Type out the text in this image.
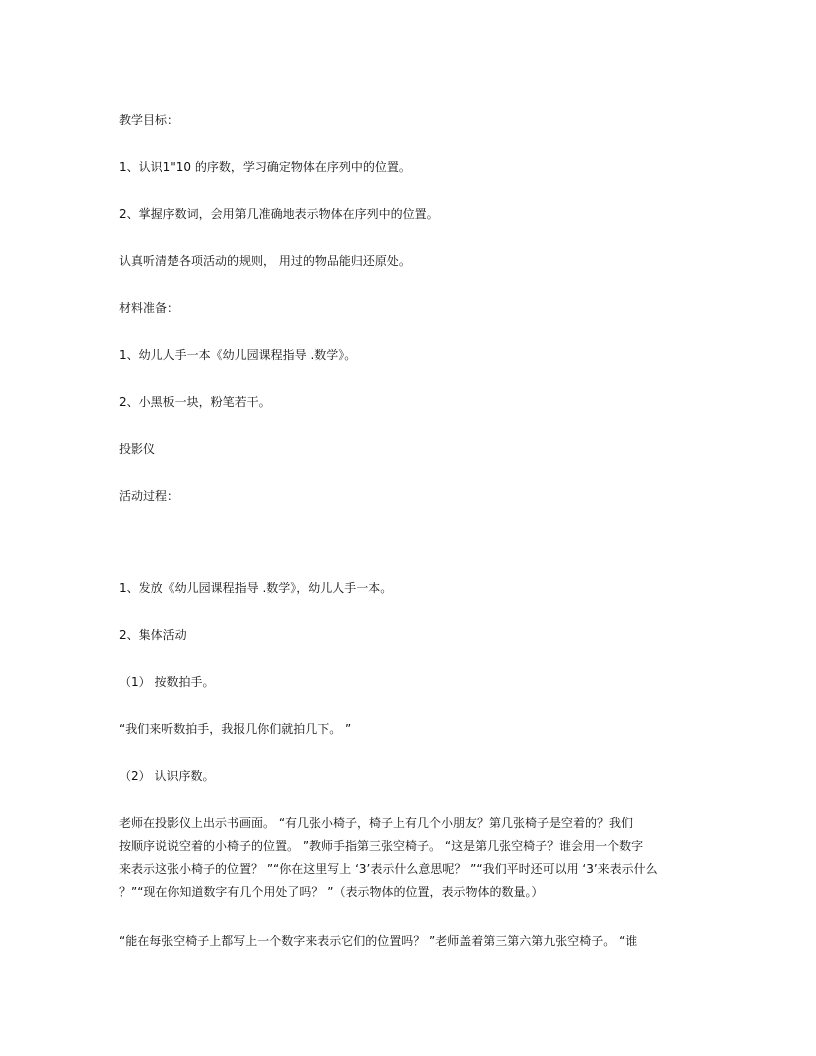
教学目标：
1、认识1"10 的序数，学习确定物体在序列中的位置。
2、掌握序数词，会用第几准确地表示物体在序列中的位置。
认真听清楚各项活动的规则， 用过的物品能归还原处。
材料准备：
1、幼儿人手一本《幼儿园课程指导 .数学》。
2、小黑板一块，粉笔若干。
投影仪
活动过程：
1、发放《幼儿园课程指导 .数学》，幼儿人手一本。
2、集体活动
（1） 按数拍手。
“我们来听数拍手，我报几你们就拍几下。 ”
（2） 认识序数。
老师在投影仪上出示书画面。 “有几张小椅子，椅子上有几个小朋友？第几张椅子是空着的？我们
按顺序说说空着的小椅子的位置。 ”教师手指第三张空椅子。 “这是第几张空椅子？谁会用一个数字
来表示这张小椅子的位置？ ”“你在这里写上 ‘3’表示什么意思呢？ ”“我们平时还可以用 ‘3’来表示什么
？”“现在你知道数字有几个用处了吗？ ”（表示物体的位置，表示物体的数量。）
“能在每张空椅子上都写上一个数字来表示它们的位置吗？ ”老师盖着第三第六第九张空椅子。 “谁
